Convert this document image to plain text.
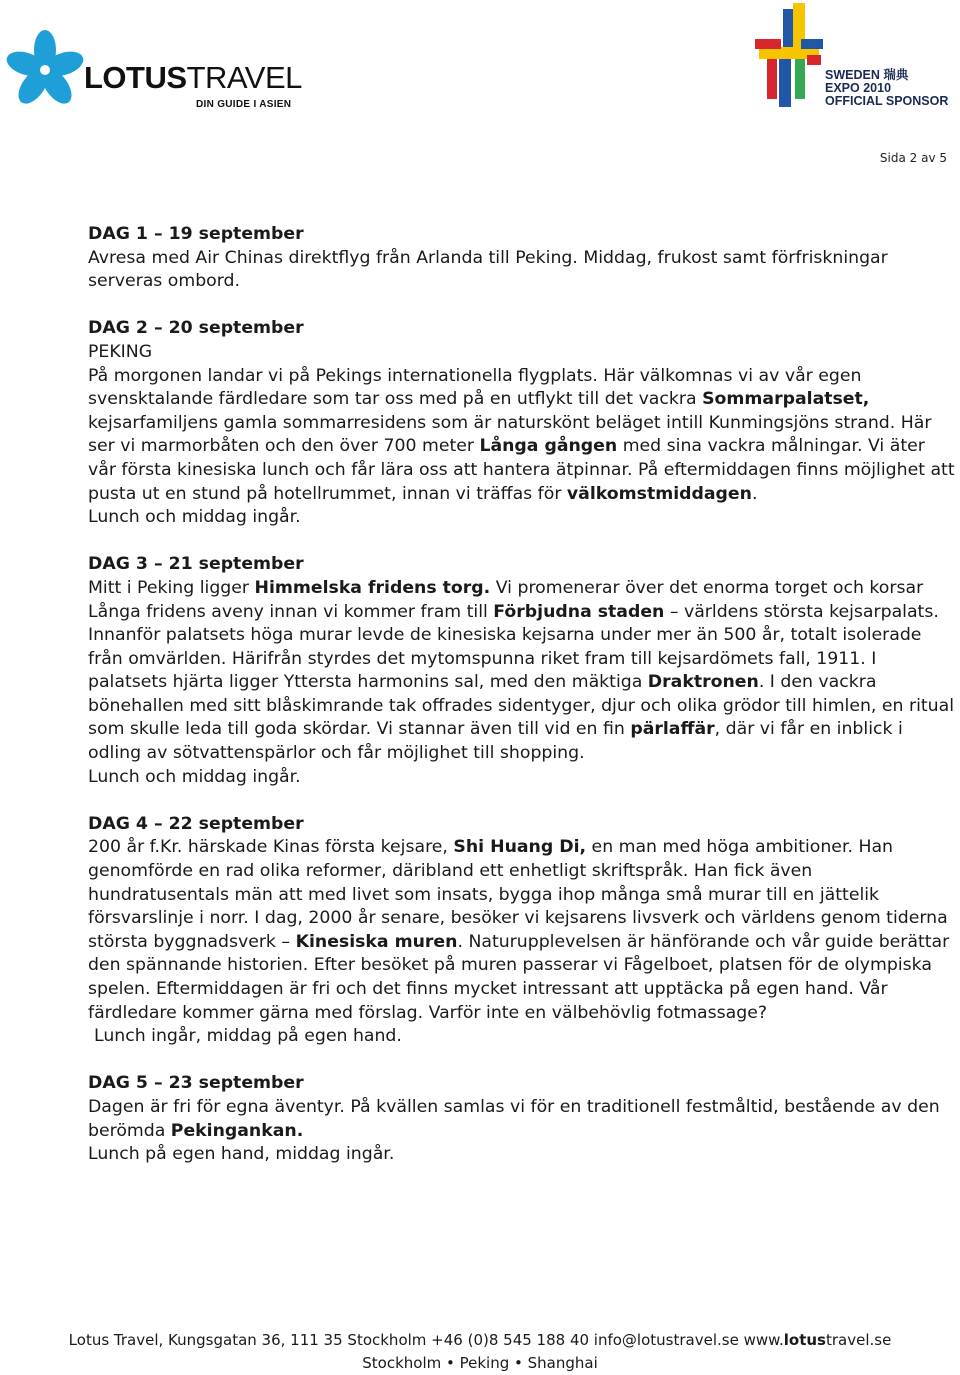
LOTUSTRAVEL
DIN GUIDE I ASIEN
SWEDEN 瑞典
EXPO 2010
OFFICIAL SPONSOR
Sida 2 av 5

DAG 1 – 19 september

Avresa med Air Chinas direktflyg från Arlanda till Peking. Middag, frukost samt förfriskningar serveras ombord.

DAG 2 – 20 september

PEKING

På morgonen landar vi på Pekings internationella flygplats. Här välkomnas vi av vår egen svensktalande färdledare som tar oss med på en utflykt till det vackra Sommarpalatset, kejsarfamiljens gamla sommarresidens som är naturskönt beläget intill Kunmingsjöns strand. Här ser vi marmorbåten och den över 700 meter Långa gången med sina vackra målningar. Vi äter vår första kinesiska lunch och får lära oss att hantera ätpinnar. På eftermiddagen finns möjlighet att pusta ut en stund på hotellrummet, innan vi träffas för välkomstmiddagen.

Lunch och middag ingår.

DAG 3 – 21 september

Mitt i Peking ligger Himmelska fridens torg. Vi promenerar över det enorma torget och korsar Långa fridens aveny innan vi kommer fram till Förbjudna staden – världens största kejsarpalats. Innanför palatsets höga murar levde de kinesiska kejsarna under mer än 500 år, totalt isolerade från omvärlden. Härifrån styrdes det mytomspunna riket fram till kejsardömets fall, 1911. I palatsets hjärta ligger Yttersta harmonins sal, med den mäktiga Draktronen. I den vackra bönehallen med sitt blåskimrande tak offrades sidentyger, djur och olika grödor till himlen, en ritual som skulle leda till goda skördar. Vi stannar även till vid en fin pärlaffär, där vi får en inblick i odling av sötvattenspärlor och får möjlighet till shopping.

Lunch och middag ingår.

DAG 4 – 22 september

200 år f.Kr. härskade Kinas första kejsare, Shi Huang Di, en man med höga ambitioner. Han genomförde en rad olika reformer, däribland ett enhetligt skriftspråk. Han fick även hundratusentals män att med livet som insats, bygga ihop många små murar till en jättelik försvarslinje i norr. I dag, 2000 år senare, besöker vi kejsarens livsverk och världens genom tiderna största byggnadsverk – Kinesiska muren. Naturupplevelsen är hänförande och vår guide berättar den spännande historien. Efter besöket på muren passerar vi Fågelboet, platsen för de olympiska spelen. Eftermiddagen är fri och det finns mycket intressant att upptäcka på egen hand. Vår färdledare kommer gärna med förslag. Varför inte en välbehövlig fotmassage?

Lunch ingår, middag på egen hand.

DAG 5 – 23 september

Dagen är fri för egna äventyr. På kvällen samlas vi för en traditionell festmåltid, bestående av den berömda Pekingankan.

Lunch på egen hand, middag ingår.

Lotus Travel, Kungsgatan 36, 111 35 Stockholm +46 (0)8 545 188 40 info@lotustravel.se www.lotustravel.se
Stockholm • Peking • Shanghai
